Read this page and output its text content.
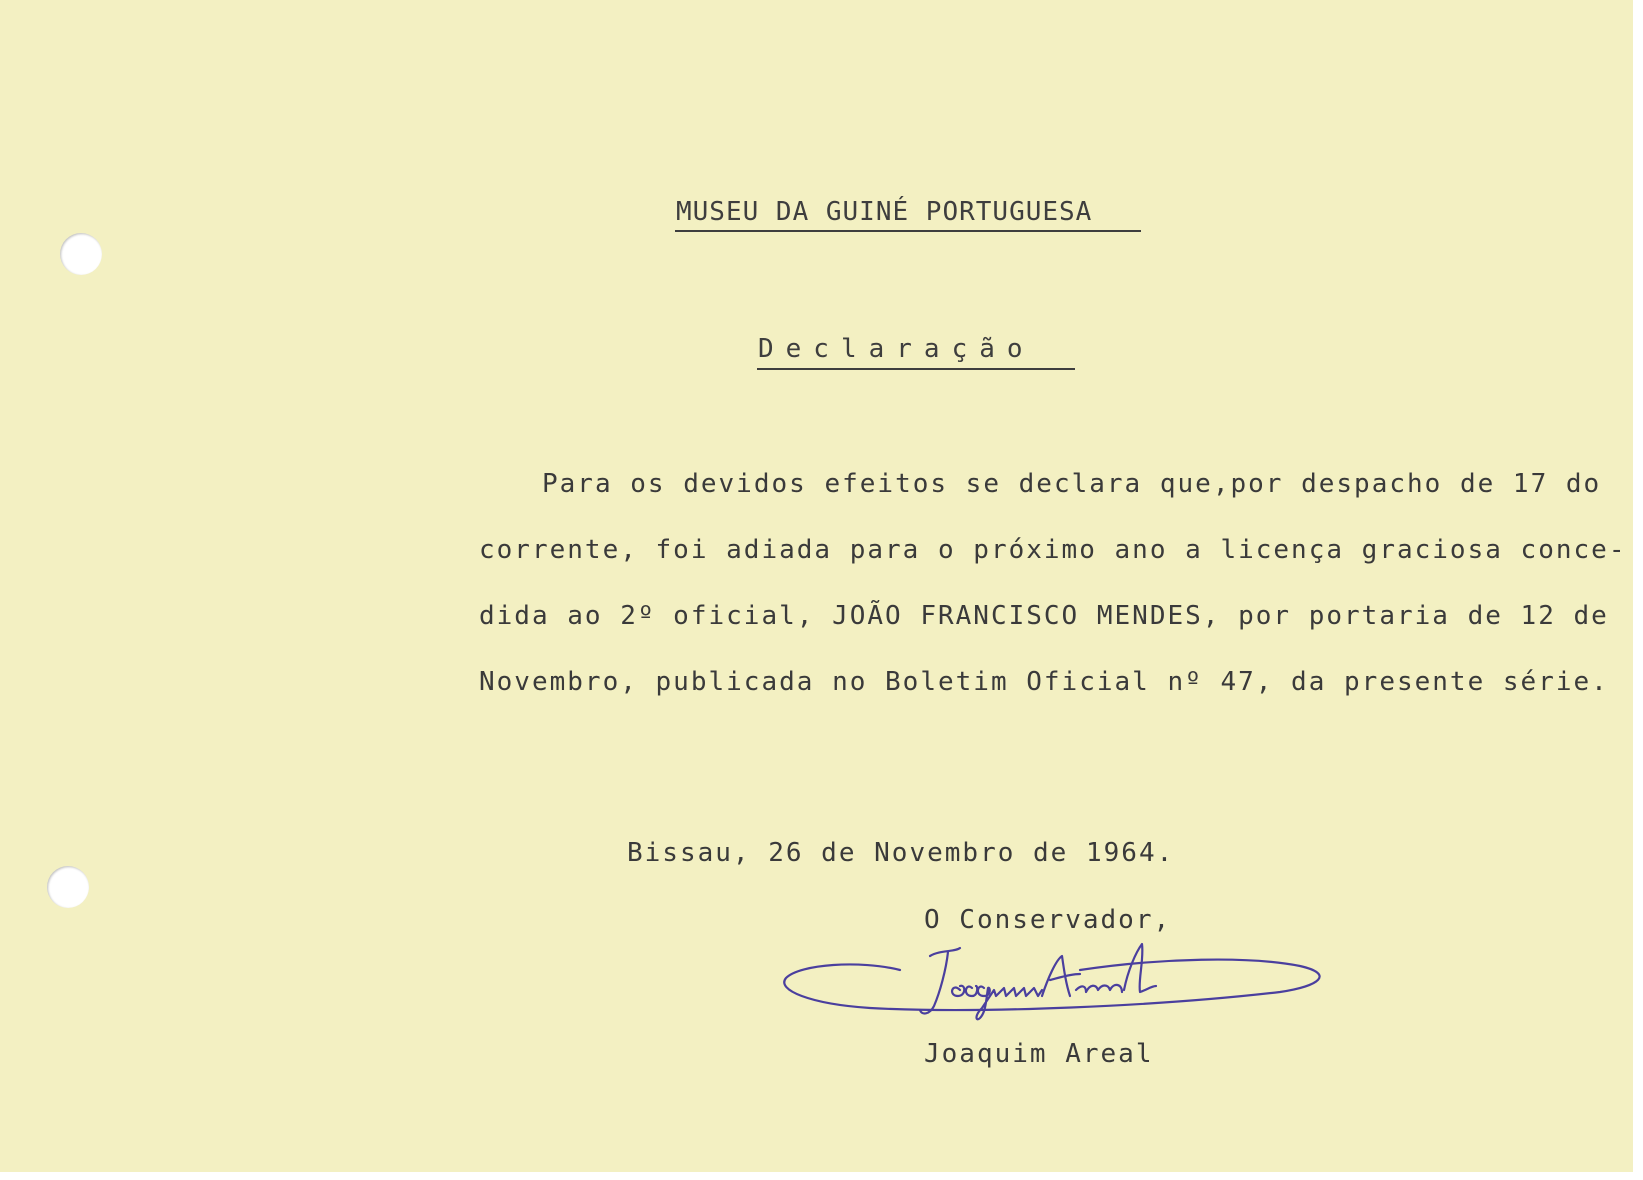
MUSEU DA GUINÉ PORTUGUESA
Declaração
Para os devidos efeitos se declara que,por despacho de 17 do
corrente, foi adiada para o próximo ano a licença graciosa conce-
dida ao 2º oficial, JOÃO FRANCISCO MENDES, por portaria de 12 de
Novembro, publicada no Boletim Oficial nº 47, da presente série.
Bissau, 26 de Novembro de 1964.
O Conservador,
Joaquim Areal
